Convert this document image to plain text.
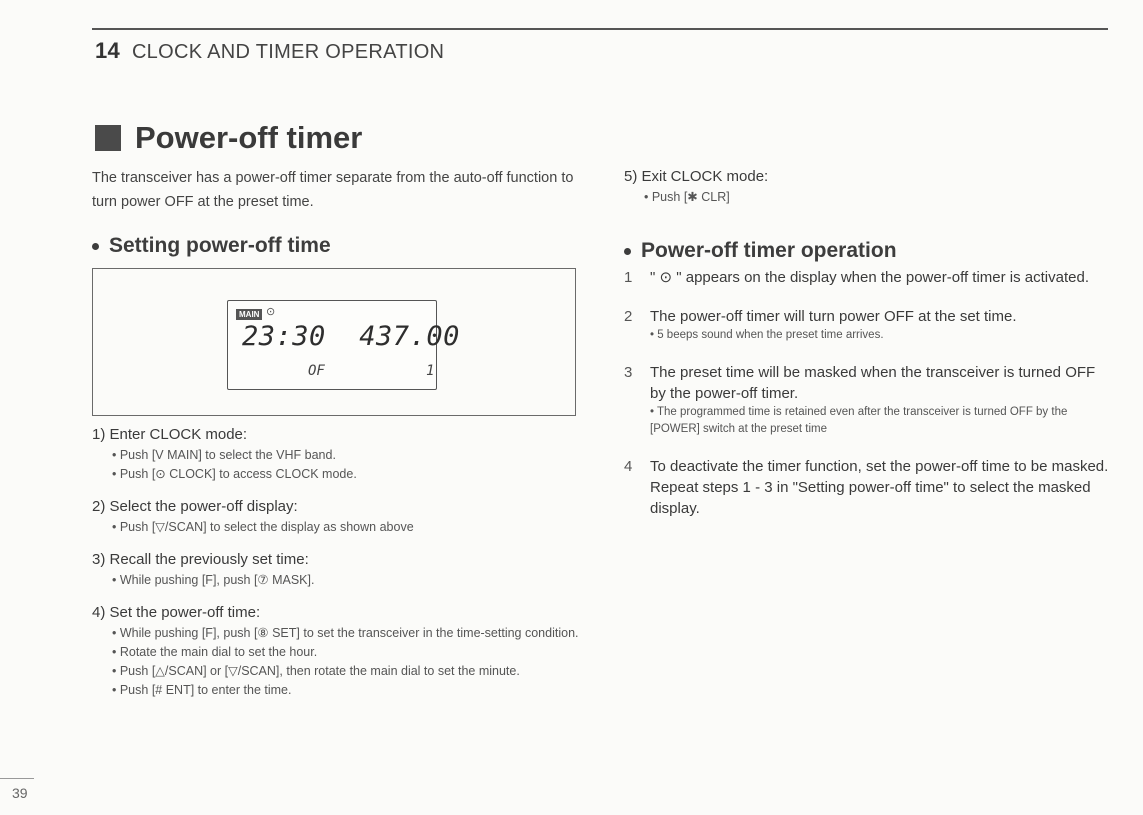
14 CLOCK AND TIMER OPERATION
Power-off timer

The transceiver has a power-off timer separate from the auto-off function to turn power OFF at the preset time.

Setting power-off time
MAIN ⊙
23:30 437.00
OF	1
1) Enter CLOCK mode:
• Push [V MAIN] to select the VHF band.
• Push [⊙ CLOCK] to access CLOCK mode.
2) Select the power-off display:
• Push [▽/SCAN] to select the display as shown above
3) Recall the previously set time:
• While pushing [F], push [⑦ MASK].
4) Set the power-off time:
• While pushing [F], push [⑧ SET] to set the transceiver in the time-setting condition.
• Rotate the main dial to set the hour.
• Push [△/SCAN] or [▽/SCAN], then rotate the main dial to set the minute.
• Push [# ENT] to enter the time.
5) Exit CLOCK mode:
• Push [✱ CLR]
Power-off timer operation
1	" ⊙ " appears on the display when the power-off timer is activated.
2	The power-off timer will turn power OFF at the set time.
• 5 beeps sound when the preset time arrives.
3	The preset time will be masked when the transceiver is turned OFF by the power-off timer.
• The programmed time is retained even after the transceiver is turned OFF by the [POWER] switch at the preset time
4	To deactivate the timer function, set the power-off time to be masked. Repeat steps 1 - 3 in "Setting power-off time" to select the masked display.
39
